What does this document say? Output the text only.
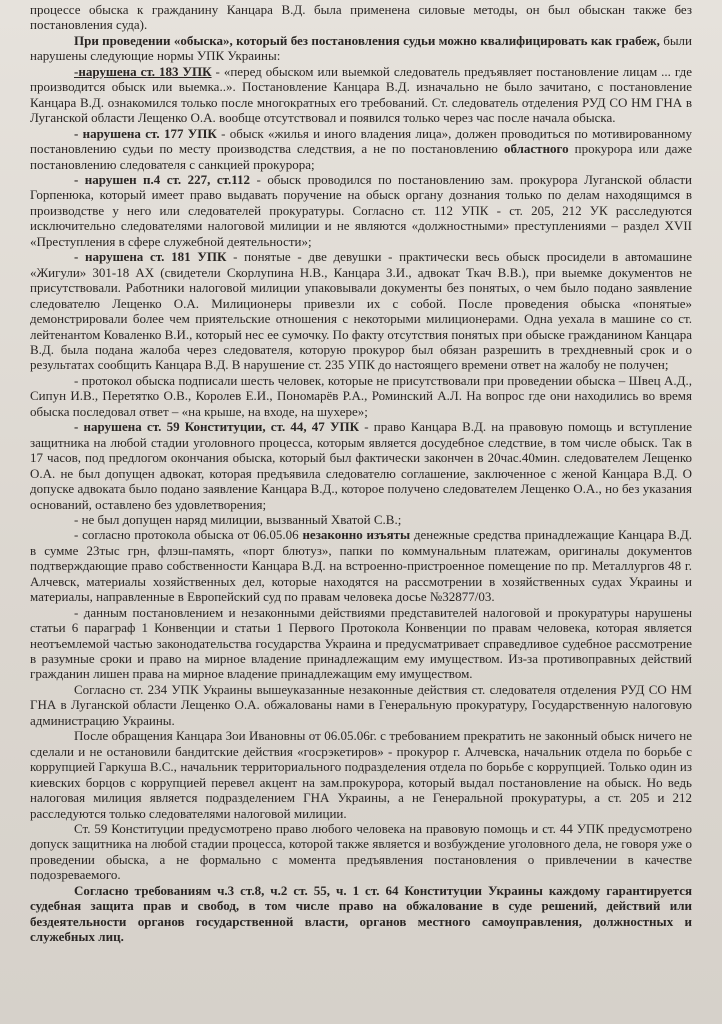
процессе обыска к гражданину Канцара В.Д. была применена силовые методы, он был обыскан также без постановления суда).

При проведении «обыска», который без постановления судьи можно квалифицировать как грабеж, были нарушены следующие нормы УПК Украины:

-нарушена ст. 183 УПК - «перед обыском или выемкой следователь предъявляет постановление лицам ... где производится обыск или выемка..». Постановление Канцара В.Д. изначально не было зачитано, с постановление Канцара В.Д. ознакомился только после многократных его требований. Ст. следователь отделения РУД СО НМ ГНА в Луганской области Лещенко О.А. вообще отсутствовал и появился только через час после начала обыска.

- нарушена ст. 177 УПК - обыск «жилья и иного владения лица», должен проводиться по мотивированному постановлению судьи по месту производства следствия, а не по постановлению областного прокурора или даже постановлению следователя с санкцией прокурора;

- нарушен п.4 ст. 227, ст.112 - обыск проводился по постановлению зам. прокурора Луганской области Горпенюка, который имеет право выдавать поручение на обыск органу дознания только по делам находящимся в производстве у него или следователей прокуратуры. Согласно ст. 112 УПК - ст. 205, 212 УК расследуются исключительно следователями налоговой милиции и не являются «должностными» преступлениями – раздел XVII «Преступления в сфере служебной деятельности»;

- нарушена ст. 181 УПК - понятые - две девушки - практически весь обыск просидели в автомашине «Жигули» 301-18 АХ (свидетели Скорлупина Н.В., Канцара З.И., адвокат Ткач В.В.), при выемке документов не присутствовали. Работники налоговой милиции упаковывали документы без понятых, о чем было подано заявление следователю Лещенко О.А. Милиционеры привезли их с собой. После проведения обыска «понятые» демонстрировали более чем приятельские отношения с некоторыми милиционерами. Одна уехала в машине со ст. лейтенантом Коваленко В.И., который нес ее сумочку. По факту отсутствия понятых при обыске гражданином Канцара В.Д. была подана жалоба через следователя, которую прокурор был обязан разрешить в трехдневный срок и о результатах сообщить Канцара В.Д. В нарушение ст. 235 УПК до настоящего времени ответ на жалобу не получен;

- протокол обыска подписали шесть человек, которые не присутствовали при проведении обыска – Швец А.Д., Сипун И.В., Перетятко О.В., Королев Е.И., Пономарёв Р.А., Роминский А.Л. На вопрос где они находились во время обыска последовал ответ – «на крыше, на входе, на шухере»;

- нарушена ст. 59 Конституции, ст. 44, 47 УПК - право Канцара В.Д. на правовую помощь и вступление защитника на любой стадии уголовного процесса, которым является досудебное следствие, в том числе обыск. Так в 17 часов, под предлогом окончания обыска, который был фактически закончен в 20час.40мин. следователем Лещенко О.А. не был допущен адвокат, которая предъявила следователю соглашение, заключенное с женой Канцара В.Д. О допуске адвоката было подано заявление Канцара В.Д., которое получено следователем Лещенко О.А., но без указания оснований, оставлено без удовлетворения;

- не был допущен наряд милиции, вызванный Хватой С.В.;

- согласно протокола обыска от 06.05.06 незаконно изъяты денежные средства принадлежащие Канцара В.Д. в сумме 23тыс грн, флэш-память, «порт блютуз», папки по коммунальным платежам, оригиналы документов подтверждающие право собственности Канцара В.Д. на встроенно-пристроенное помещение по пр. Металлургов 48 г. Алчевск, материалы хозяйственных дел, которые находятся на рассмотрении в хозяйственных судах Украины и материалы, направленные в Европейский суд по правам человека досье №32877/03.

- данным постановлением и незаконными действиями представителей налоговой и прокуратуры нарушены статьи 6 параграф 1 Конвенции и статьи 1 Первого Протокола Конвенции по правам человека, которая является неотъемлемой частью законодательства государства Украина и предусматривает справедливое судебное рассмотрение в разумные сроки и право на мирное владение принадлежащим ему имуществом. Из-за противоправных действий гражданин лишен права на мирное владение принадлежащим ему имуществом.

Согласно ст. 234 УПК Украины вышеуказанные незаконные действия ст. следователя отделения РУД СО НМ ГНА в Луганской области Лещенко О.А. обжалованы нами в Генеральную прокуратуру, Государственную налоговую администрацию Украины.

После обращения Канцара Зои Ивановны от 06.05.06г. с требованием прекратить не законный обыск ничего не сделали и не остановили бандитские действия «госрэкетиров» - прокурор г. Алчевска, начальник отдела по борьбе с коррупцией Гаркуша В.С., начальник территориального подразделения отдела по борьбе с коррупцией. Только один из киевских борцов с коррупцией перевел акцент на зам.прокурора, который выдал постановление на обыск. Но ведь налоговая милиция является подразделением ГНА Украины, а не Генеральной прокуратуры, а ст. 205 и 212 расследуются только следователями налоговой милиции.

Ст. 59 Конституции предусмотрено право любого человека на правовую помощь и ст. 44 УПК предусмотрено допуск защитника на любой стадии процесса, которой также является и возбуждение уголовного дела, не говоря уже о проведении обыска, а не формально с момента предъявления постановления о привлечении в качестве подозреваемого.

Согласно требованиям ч.3 ст.8, ч.2 ст. 55, ч. 1 ст. 64 Конституции Украины каждому гарантируется судебная защита прав и свобод, в том числе право на обжалование в суде решений, действий или бездеятельности органов государственной власти, органов местного самоуправления, должностных и служебных лиц.
